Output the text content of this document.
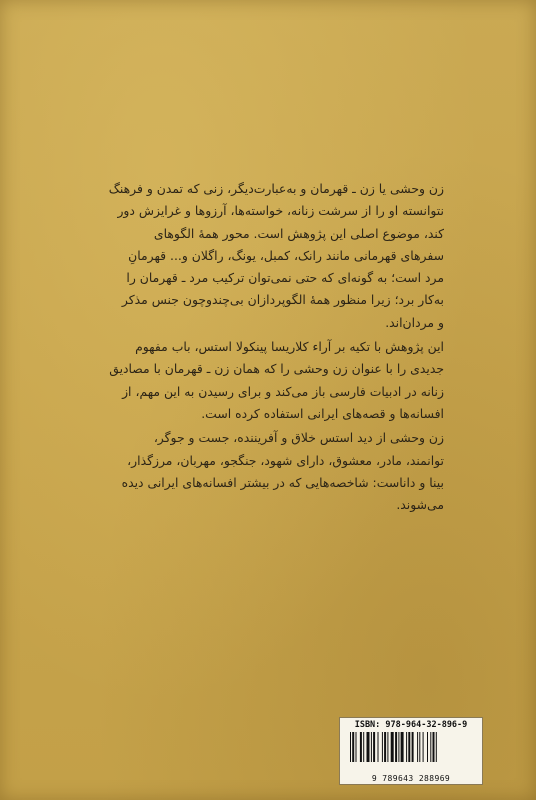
زن وحشی یا زن ـ قهرمان و به‌عبارت‌دیگر، زنی که تمدن و فرهنگ
نتوانسته او را از سرشت زنانه، خواسته‌ها، آرزوها و غرایزش دور
کند، موضوع اصلی این پژوهش است. محور همهٔ الگوهای
سفرهای قهرمانی مانند رانک، کمبل، یونگ، راگلان و... قهرمانِ
مرد است؛ به گونه‌ای که حتی نمی‌توان ترکیب مرد ـ قهرمان را
به‌کار برد؛ زیرا منظور همهٔ الگوپردازان بی‌چندوچون جنس مذکر
و مردان‌اند.
این پژوهش با تکیه بر آراء کلاریسا پینکولا استس، باب مفهوم
جدیدی را با عنوان زن وحشی را که همان زن ـ قهرمان با مصادیق
زنانه در ادبیات فارسی باز می‌کند و برای رسیدن به این مهم، از
افسانه‌ها و قصه‌های ایرانی استفاده کرده است.
زن وحشی از دید استس خلاق و آفریننده، جست و جوگر،
توانمند، مادر، معشوق، دارای شهود، جنگجو، مهربان، مرزگذار،
بینا و داناست: شاخصه‌هایی که در بیشتر افسانه‌های ایرانی دیده
می‌شوند.
ISBN: 978-964-32-896-9
9 789643 288969
